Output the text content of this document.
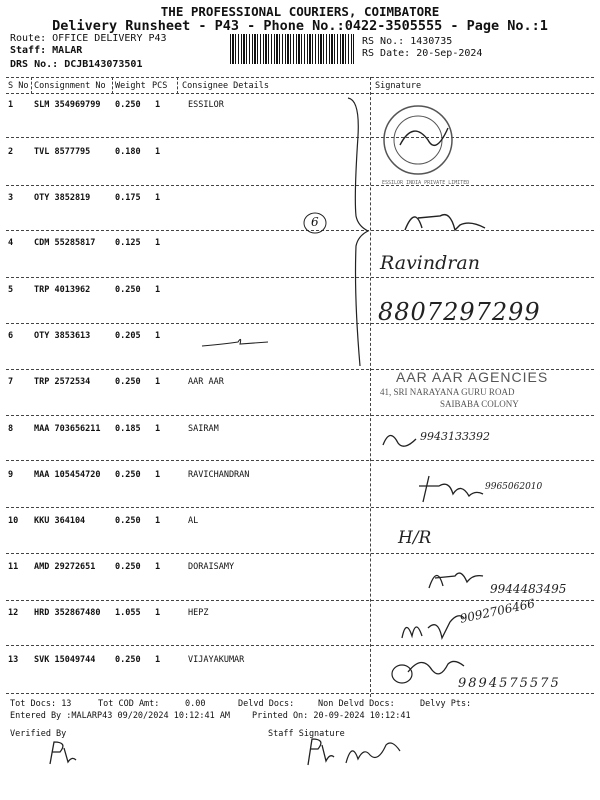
THE PROFESSIONAL COURIERS, COIMBATORE
Delivery Runsheet - P43 - Phone No.:0422-3505555 - Page No.:1
Route: OFFICE DELIVERY P43
Staff: MALAR
DRS No.: DCJB143073501
RS No.: 1430735
RS Date: 20-Sep-2024
S No Consignment No Weight PCS Consignee Details	Signature
1 SLM 354969799 0.250 1	ESSILOR
2 TVL 8577795	0.180 1
3 OTY 3852819	0.175 1
4 CDM 55285817 0.125 1
5 TRP 4013962	0.250 1
6 OTY 3853613	0.205 1
7 TRP 2572534	0.250 1	AAR AAR
8 MAA 703656211 0.185 1	SAIRAM
9 MAA 105454720 0.250 1	RAVICHANDRAN
10 KKU 364104	0.250 1	AL
11 AMD 29272651 0.250 1	DORAISAMY
12 HRD 352867480 1.055 1	HEPZ
13 SVK 15049744 0.250 1	VIJAYAKUMAR
ESSILOR INDIA PRIVATE LIMITED
6
Ravindran
8807297299
AAR AAR AGENCIES
41, SRI NARAYANA GURU ROAD
SAIBABA COLONY
9943133392
9965062010
H/R
9944483495
9092706466
9894575575
Tot Docs: 13	Tot COD Amt:	0.00	Delvd Docs:	Non Delvd Docs:	Delvy Pts:
Entered By :MALARP43 09/20/2024 10:12:41 AM	Printed On: 20-09-2024 10:12:41
Verified By	Staff Signature
